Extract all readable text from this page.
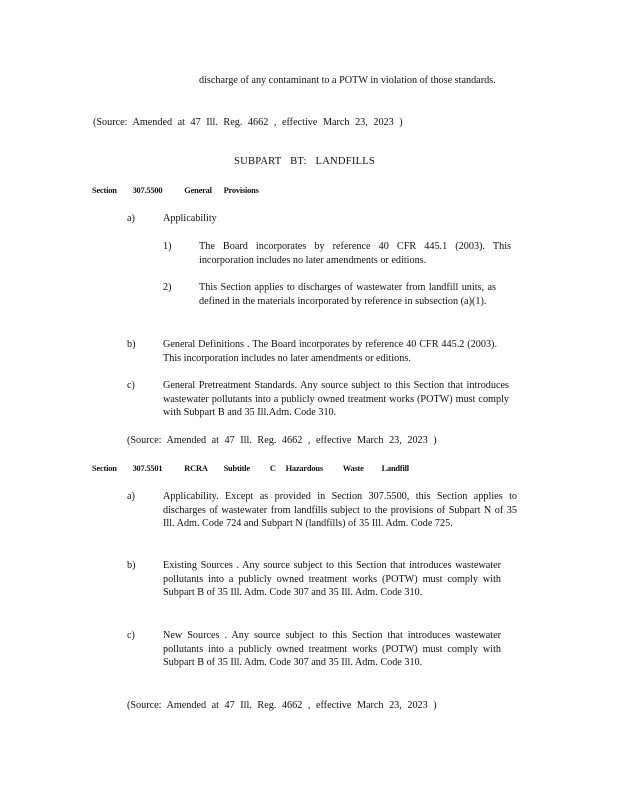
discharge of any contaminant to a POTW in violation of those standards.
(Source: Amended at 47 Ill. Reg. 4662 , effective March 23, 2023 )
SUBPART BT: LANDFILLS
Section 307.5500	General Provisions
a)	Applicability
1)	The Board incorporates by reference 40 CFR 445.1 (2003). This incorporation includes no later amendments or editions.
2)	This Section applies to discharges of wastewater from landfill units, as defined in the materials incorporated by reference in subsection (a)(1).
b)	General Definitions . The Board incorporates by reference 40 CFR 445.2 (2003). This incorporation includes no later amendments or editions.
c)	General Pretreatment Standards. Any source subject to this Section that introduces wastewater pollutants into a publicly owned treatment works (POTW) must comply with Subpart B and 35 Ill.Adm. Code 310.
(Source: Amended at 47 Ill. Reg. 4662 , effective March 23, 2023 )
Section 307.5501	RCRA Subtitle C Hazardous Waste Landfill
a)	Applicability. Except as provided in Section 307.5500, this Section applies to discharges of wastewater from landfills subject to the provisions of Subpart N of 35 Ill. Adm. Code 724 and Subpart N (landfills) of 35 Ill. Adm. Code 725.
b)	Existing Sources . Any source subject to this Section that introduces wastewater pollutants into a publicly owned treatment works (POTW) must comply with Subpart B of 35 Ill. Adm. Code 307 and 35 Ill. Adm. Code 310.
c)	New Sources . Any source subject to this Section that introduces wastewater pollutants into a publicly owned treatment works (POTW) must comply with Subpart B of 35 Ill. Adm. Code 307 and 35 Ill. Adm. Code 310.
(Source: Amended at 47 Ill. Reg. 4662 , effective March 23, 2023 )
